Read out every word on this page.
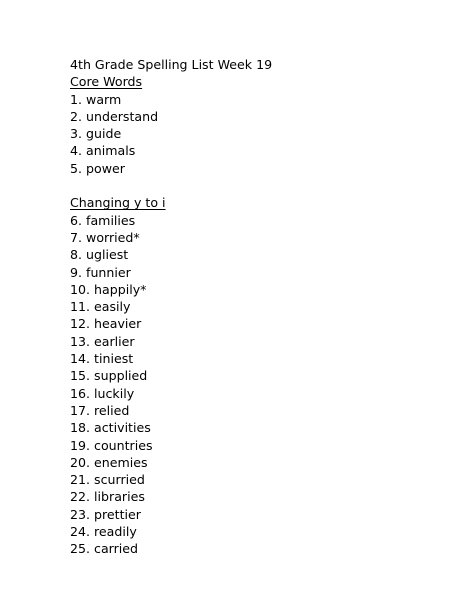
4th Grade Spelling List Week 19
Core Words
1. warm
2. understand
3. guide
4. animals
5. power
Changing y to i
6. families
7. worried*
8. ugliest
9. funnier
10. happily*
11. easily
12. heavier
13. earlier
14. tiniest
15. supplied
16. luckily
17. relied
18. activities
19. countries
20. enemies
21. scurried
22. libraries
23. prettier
24. readily
25. carried
